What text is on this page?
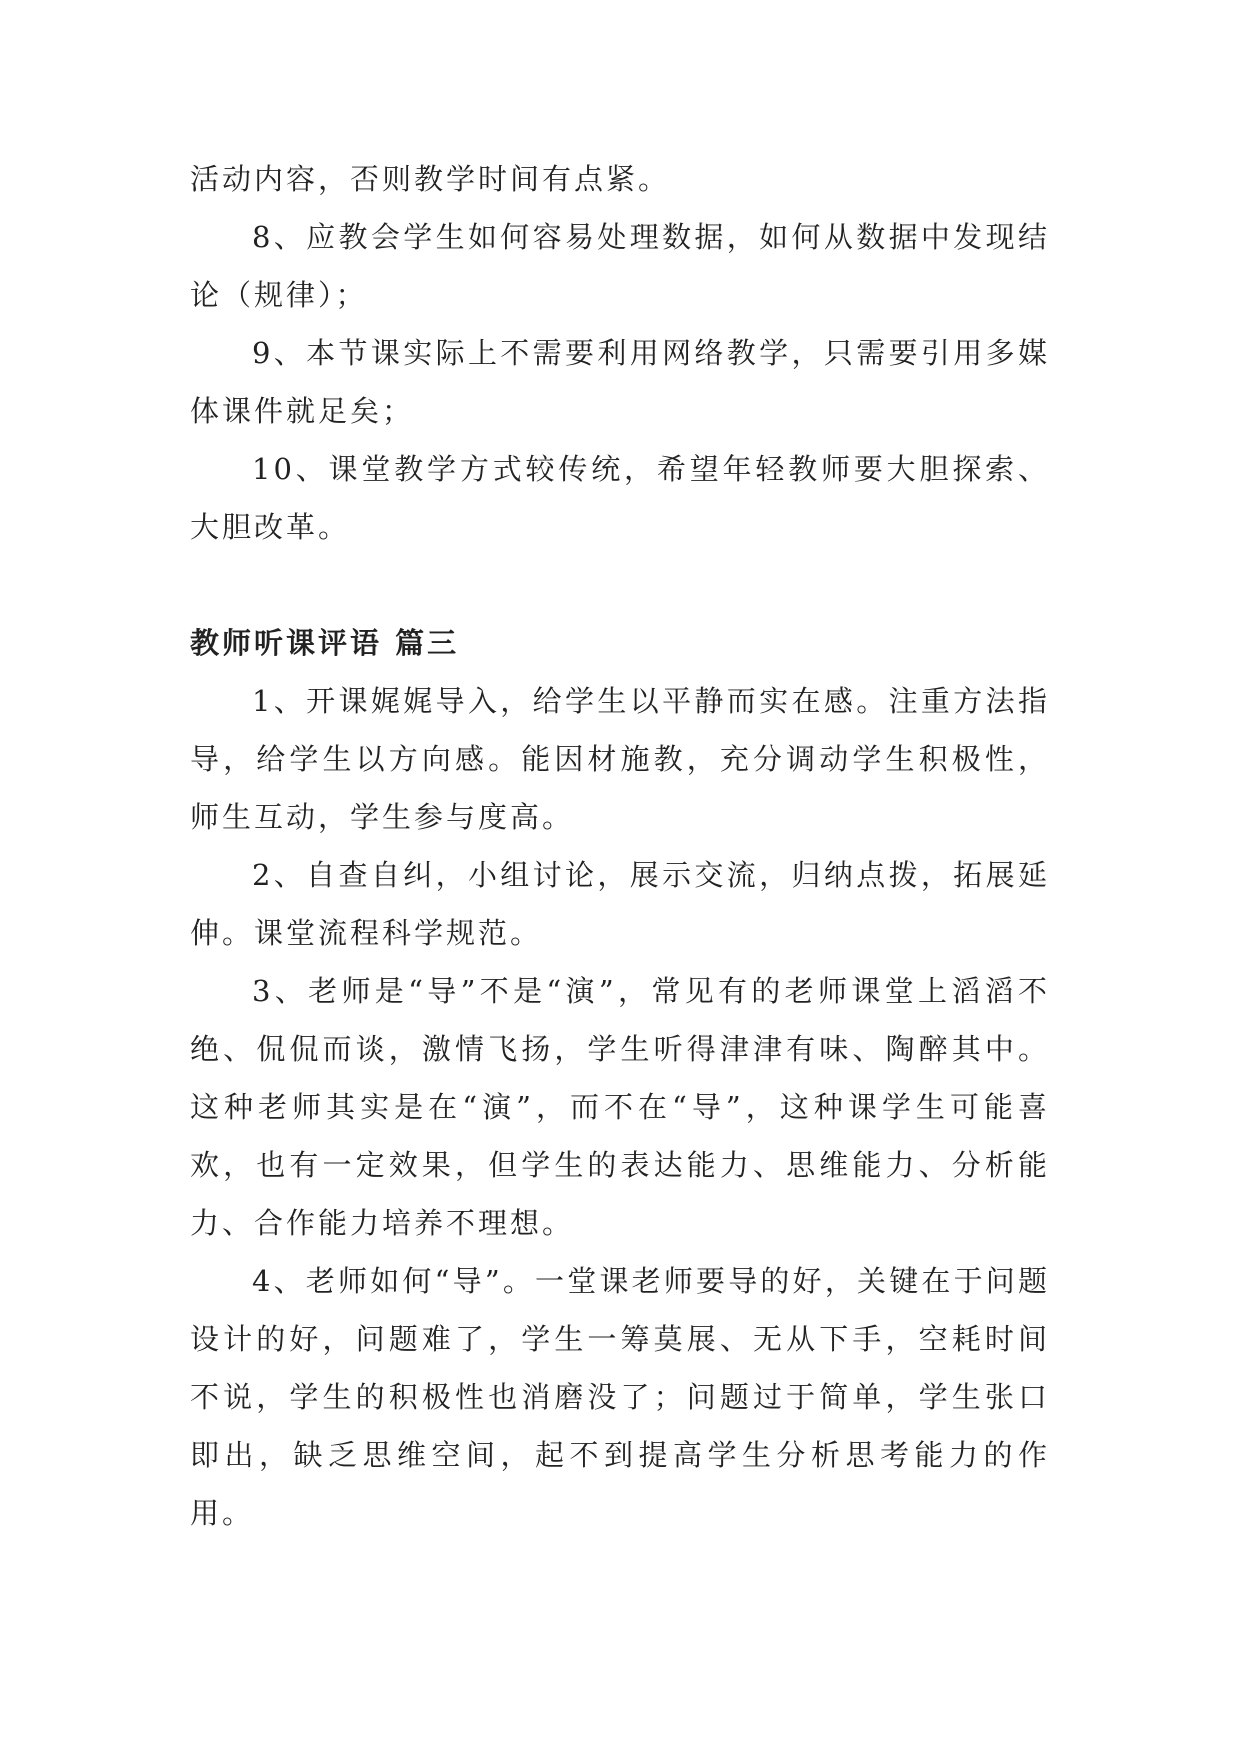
活动内容，否则教学时间有点紧。

8、应教会学生如何容易处理数据，如何从数据中发现结论（规律）；

9、本节课实际上不需要利用网络教学，只需要引用多媒体课件就足矣；

10、课堂教学方式较传统，希望年轻教师要大胆探索、大胆改革。

教师听课评语 篇三

1、开课娓娓导入，给学生以平静而实在感。注重方法指导，给学生以方向感。能因材施教，充分调动学生积极性，师生互动，学生参与度高。

2、自查自纠，小组讨论，展示交流，归纳点拨，拓展延伸。课堂流程科学规范。

3、老师是“导”不是“演”，常见有的老师课堂上滔滔不绝、侃侃而谈，激情飞扬，学生听得津津有味、陶醉其中。这种老师其实是在“演”，而不在“导”，这种课学生可能喜欢，也有一定效果，但学生的表达能力、思维能力、分析能力、合作能力培养不理想。

4、老师如何“导”。一堂课老师要导的好，关键在于问题设计的好，问题难了，学生一筹莫展、无从下手，空耗时间不说，学生的积极性也消磨没了；问题过于简单，学生张口即出，缺乏思维空间，起不到提高学生分析思考能力的作用。
